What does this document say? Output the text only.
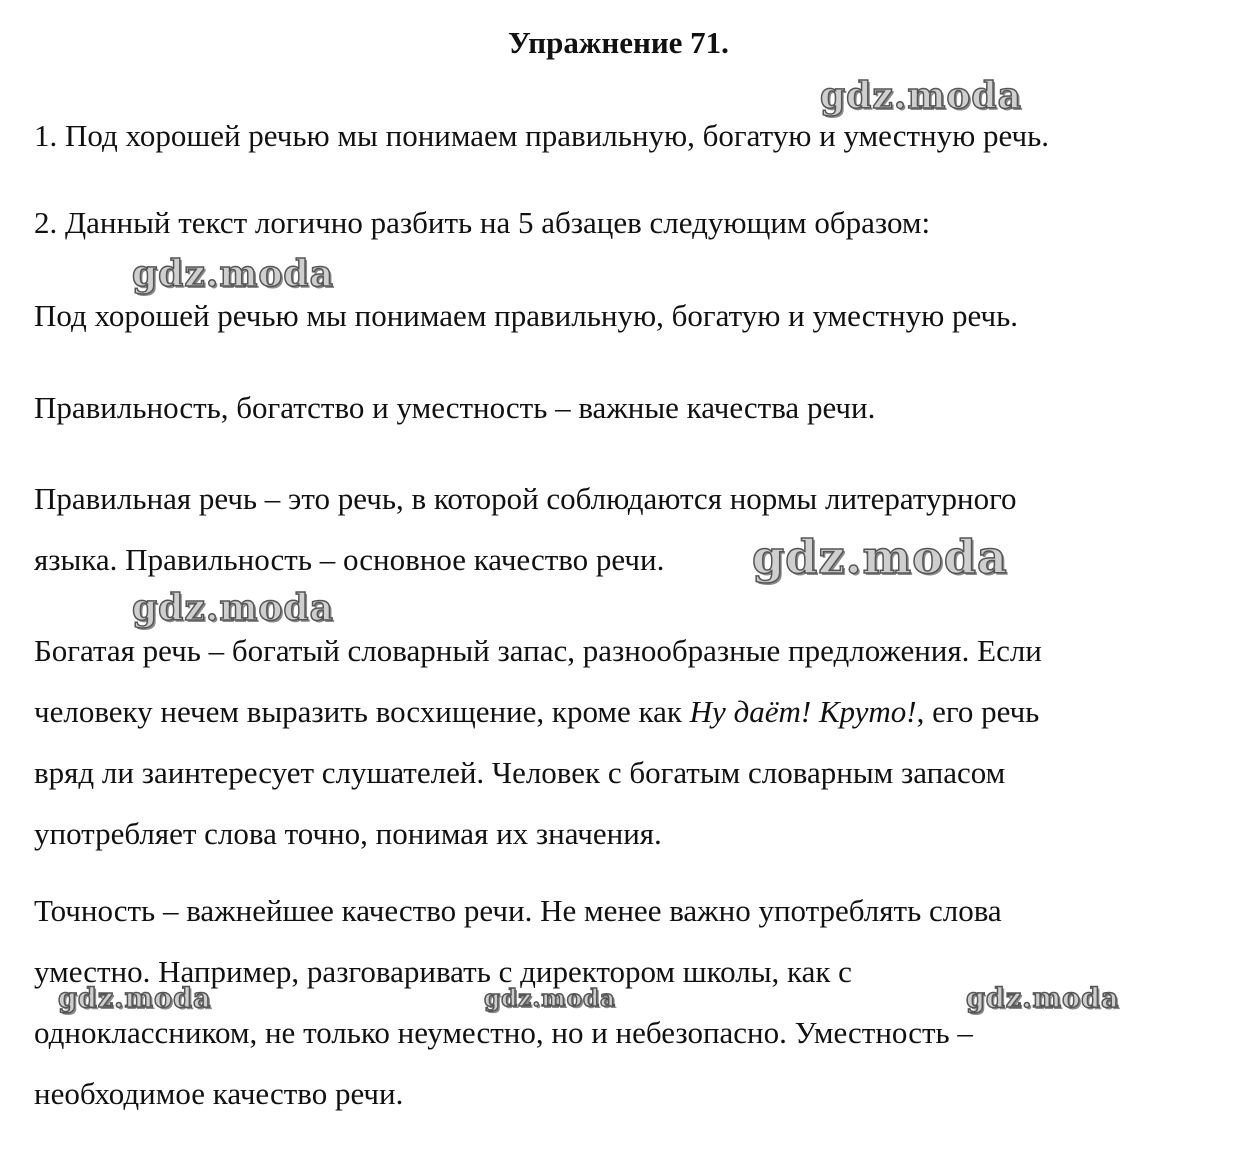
Упражнение 71.
1. Под хорошей речью мы понимаем правильную, богатую и уместную речь.
2. Данный текст логично разбить на 5 абзацев следующим образом:
Под хорошей речью мы понимаем правильную, богатую и уместную речь.
Правильность, богатство и уместность – важные качества речи.
Правильная речь – это речь, в которой соблюдаются нормы литературного
языка. Правильность – основное качество речи.
Богатая речь – богатый словарный запас, разнообразные предложения. Если
человеку нечем выразить восхищение, кроме как Ну даёт! Круто!, его речь
вряд ли заинтересует слушателей. Человек с богатым словарным запасом
употребляет слова точно, понимая их значения.
Точность – важнейшее качество речи. Не менее важно употреблять слова
уместно. Например, разговаривать с директором школы, как с
одноклассником, не только неуместно, но и небезопасно. Уместность –
необходимое качество речи.
gdz.moda
gdz.moda
gdz.moda
gdz.moda
gdz.moda	gdz.moda	gdz.moda
